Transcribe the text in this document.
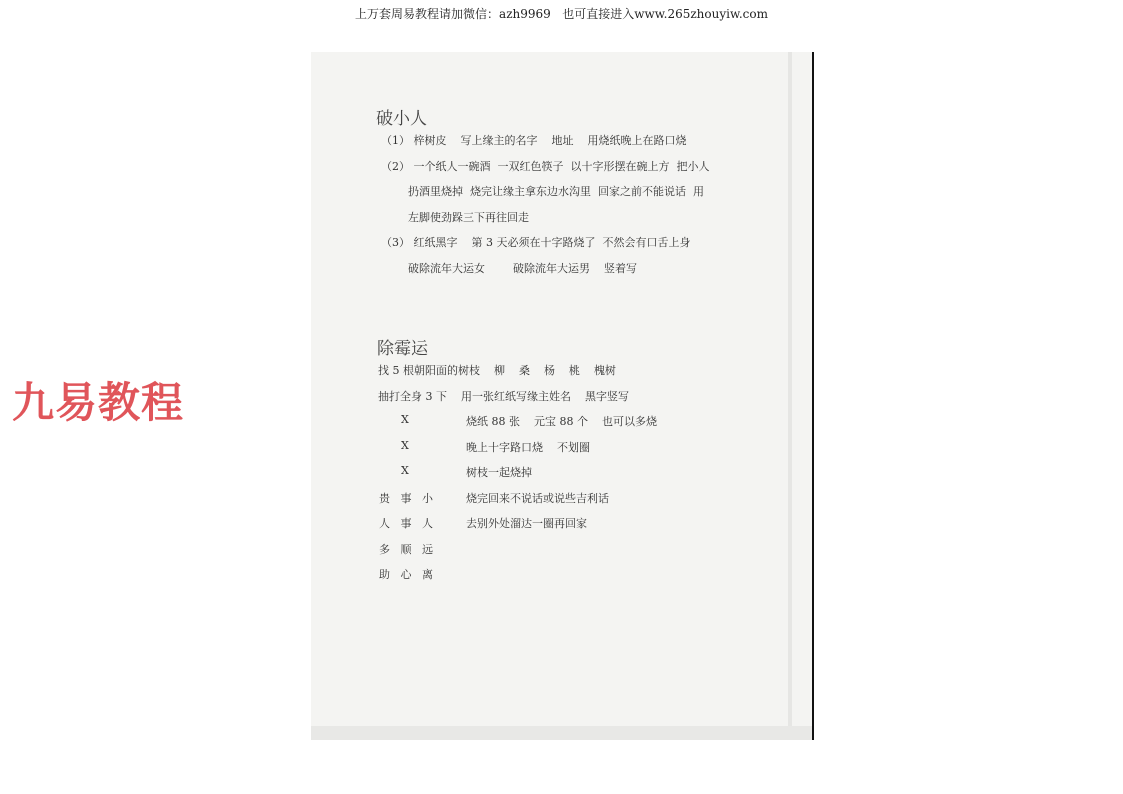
上万套周易教程请加微信：azh9969   也可直接进入www.265zhouyiw.com
九易教程
破小人
（1） 梓树皮    写上缘主的名字    地址    用烧纸晚上在路口烧
（2） 一个纸人一碗酒  一双红色筷子  以十字形摆在碗上方  把小人
扔酒里烧掉  烧完让缘主拿东边水沟里  回家之前不能说话  用
左脚使劲跺三下再往回走
（3） 红纸黑字    第 3 天必须在十字路烧了  不然会有口舌上身
破除流年大运女        破除流年大运男    竖着写
除霉运
找 5 根朝阳面的树枝    柳    桑    杨    桃    槐树
抽打全身 3 下    用一张红纸写缘主姓名    黑字竖写
X	烧纸 88 张    元宝 88 个    也可以多烧
X	晚上十字路口烧    不划圈
X	树枝一起烧掉
贵   事   小	烧完回来不说话或说些吉利话
人   事   人	去别外处溜达一圈再回家
多   顺   远
助   心   离
